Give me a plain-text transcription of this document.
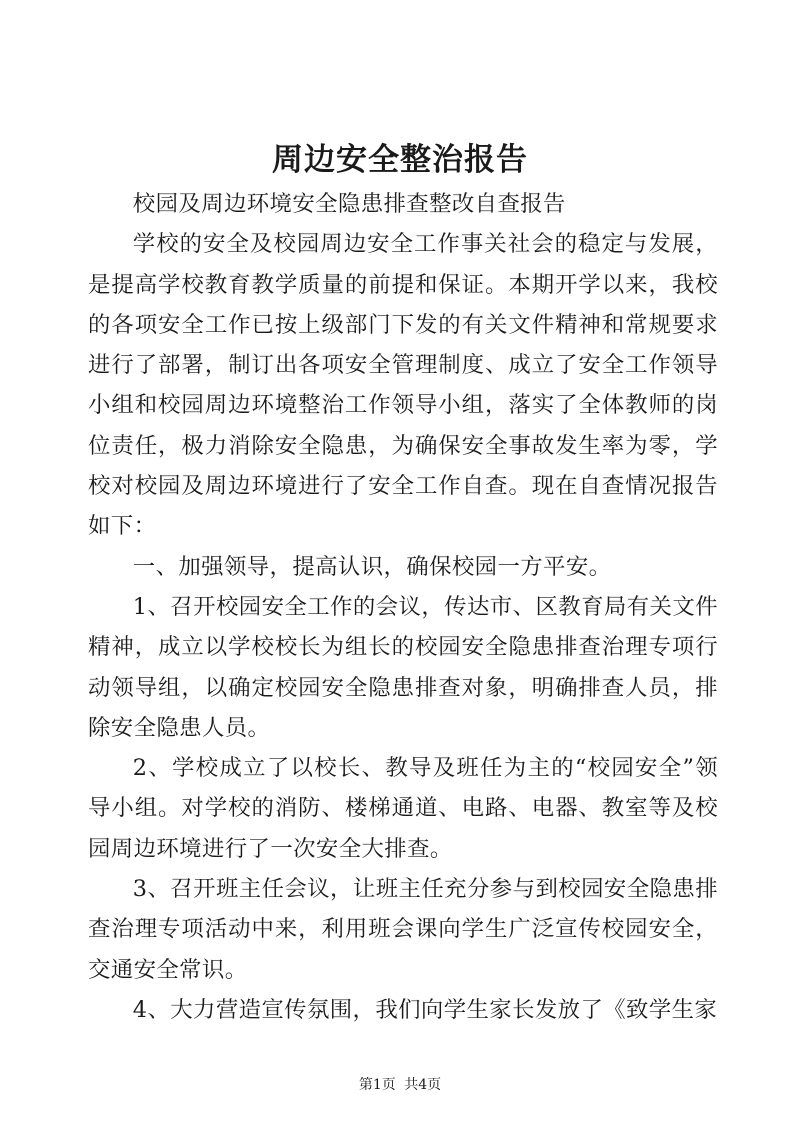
周边安全整治报告

校园及周边环境安全隐患排查整改自查报告

学校的安全及校园周边安全工作事关社会的稳定与发展，是提高学校教育教学质量的前提和保证。本期开学以来，我校的各项安全工作已按上级部门下发的有关文件精神和常规要求进行了部署，制订出各项安全管理制度、成立了安全工作领导小组和校园周边环境整治工作领导小组，落实了全体教师的岗位责任，极力消除安全隐患，为确保安全事故发生率为零，学校对校园及周边环境进行了安全工作自查。现在自查情况报告如下：

一、加强领导，提高认识，确保校园一方平安。

1、召开校园安全工作的会议，传达市、区教育局有关文件精神，成立以学校校长为组长的校园安全隐患排查治理专项行动领导组，以确定校园安全隐患排查对象，明确排查人员，排除安全隐患人员。

2、学校成立了以校长、教导及班任为主的“校园安全”领导小组。对学校的消防、楼梯通道、电路、电器、教室等及校园周边环境进行了一次安全大排查。

3、召开班主任会议，让班主任充分参与到校园安全隐患排查治理专项活动中来，利用班会课向学生广泛宣传校园安全，交通安全常识。

4、大力营造宣传氛围，我们向学生家长发放了《致学生家

第1页 共4页
